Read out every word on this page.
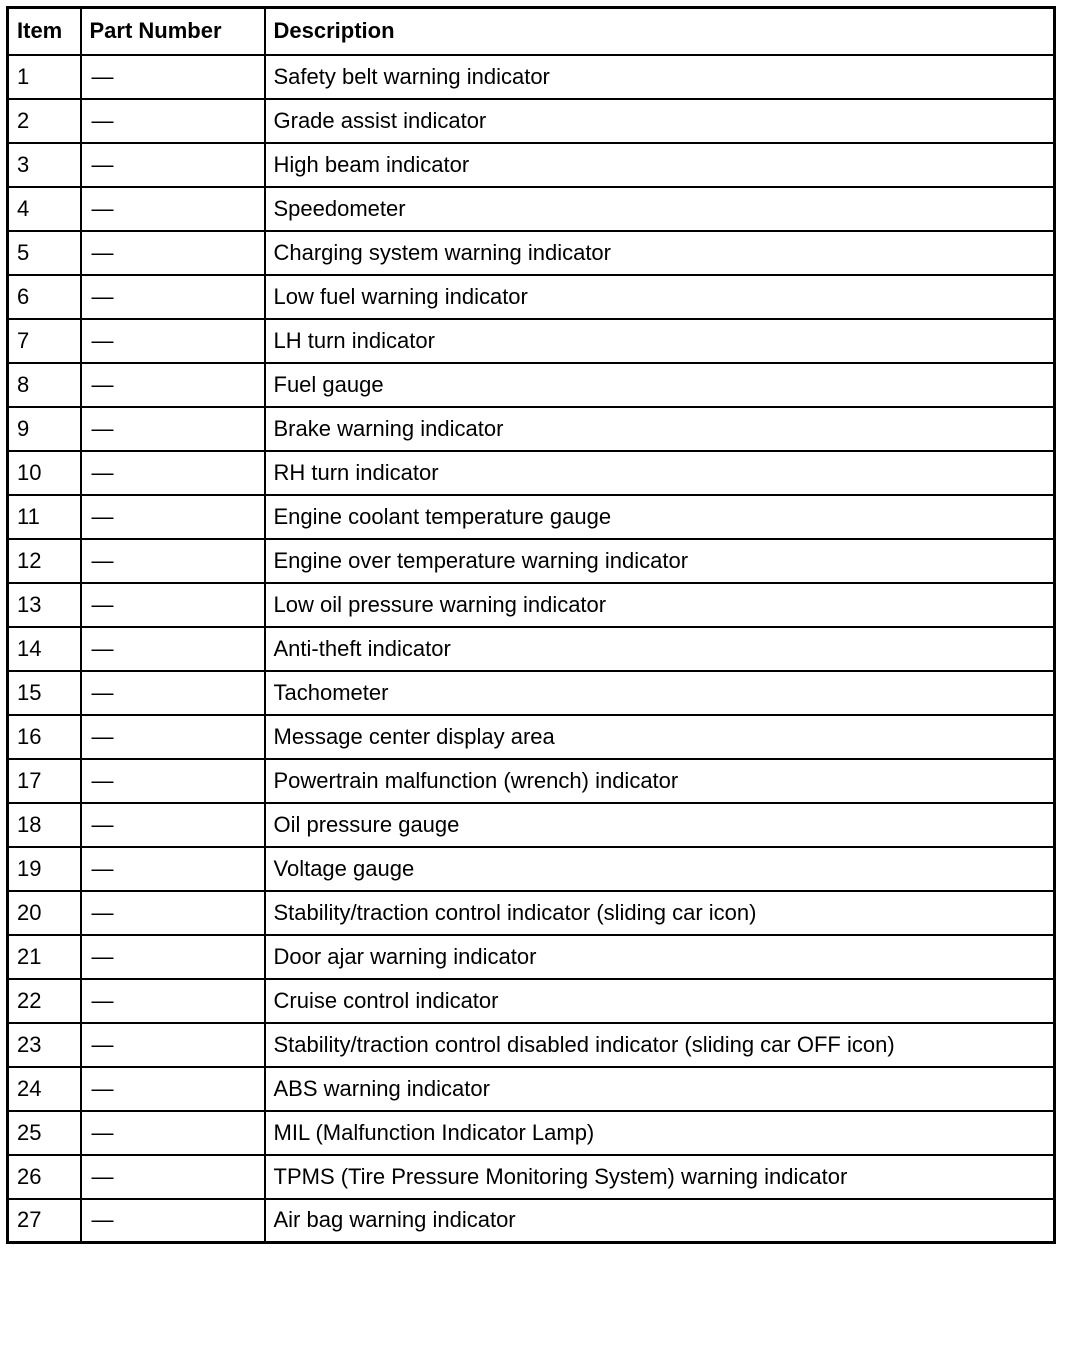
Item	Part Number	Description
1	—	Safety belt warning indicator
2	—	Grade assist indicator
3	—	High beam indicator
4	—	Speedometer
5	—	Charging system warning indicator
6	—	Low fuel warning indicator
7	—	LH turn indicator
8	—	Fuel gauge
9	—	Brake warning indicator
10	—	RH turn indicator
11	—	Engine coolant temperature gauge
12	—	Engine over temperature warning indicator
13	—	Low oil pressure warning indicator
14	—	Anti-theft indicator
15	—	Tachometer
16	—	Message center display area
17	—	Powertrain malfunction (wrench) indicator
18	—	Oil pressure gauge
19	—	Voltage gauge
20	—	Stability/traction control indicator (sliding car icon)
21	—	Door ajar warning indicator
22	—	Cruise control indicator
23	—	Stability/traction control disabled indicator (sliding car OFF icon)
24	—	ABS warning indicator
25	—	MIL (Malfunction Indicator Lamp)
26	—	TPMS (Tire Pressure Monitoring System) warning indicator
27	—	Air bag warning indicator
